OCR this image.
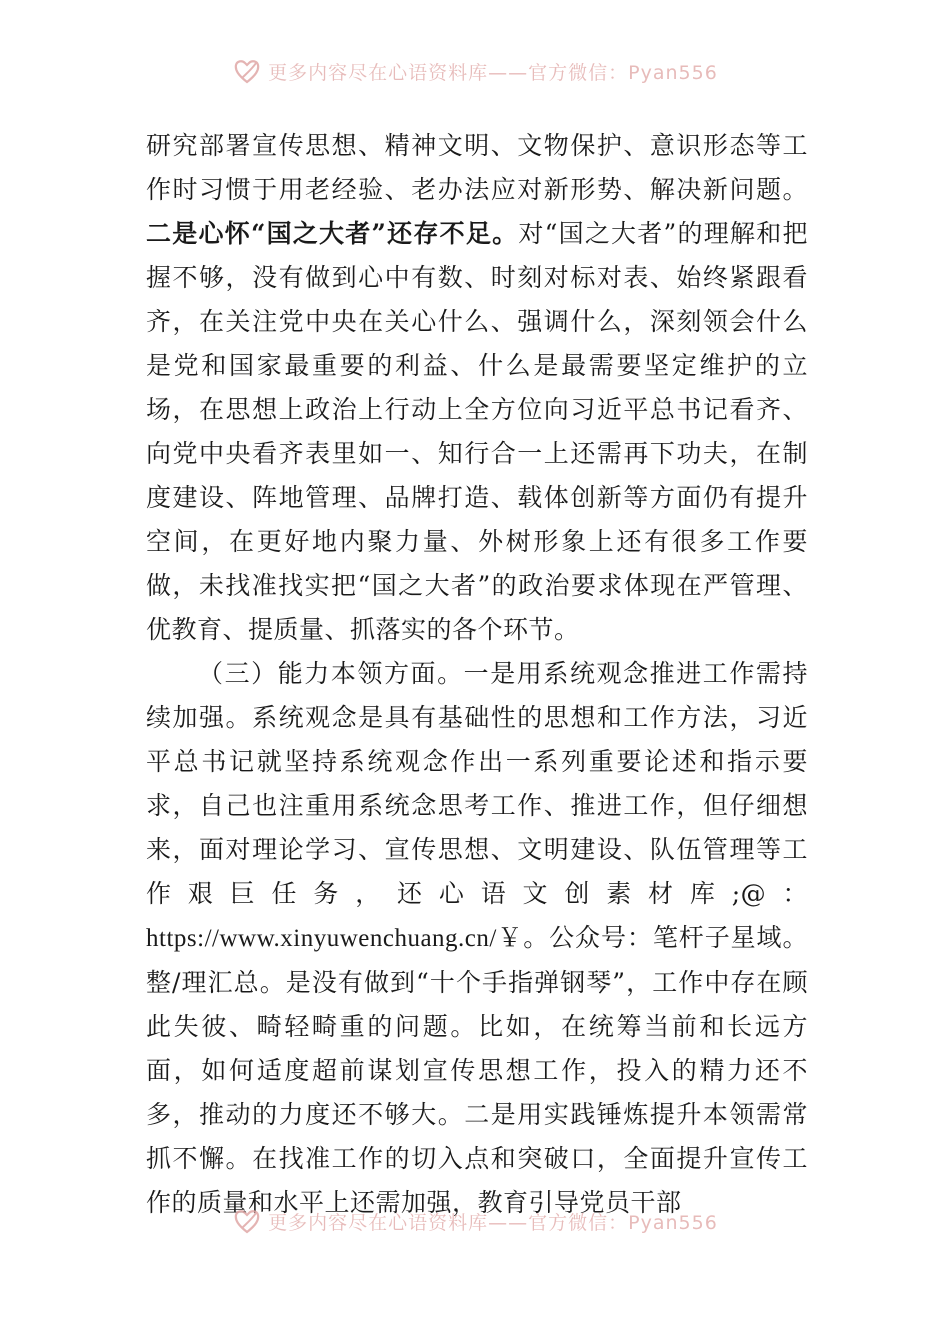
更多内容尽在心语资料库——官方微信：Pyan556

研究部署宣传思想、精神文明、文物保护、意识形态等工作时习惯于用老经验、老办法应对新形势、解决新问题。二是心怀“国之大者”还存不足。对“国之大者”的理解和把握不够，没有做到心中有数、时刻对标对表、始终紧跟看齐，在关注党中央在关心什么、强调什么，深刻领会什么是党和国家最重要的利益、什么是最需要坚定维护的立场，在思想上政治上行动上全方位向习近平总书记看齐、向党中央看齐表里如一、知行合一上还需再下功夫，在制度建设、阵地管理、品牌打造、载体创新等方面仍有提升空间，在更好地内聚力量、外树形象上还有很多工作要做，未找准找实把“国之大者”的政治要求体现在严管理、优教育、提质量、抓落实的各个环节。

（三）能力本领方面。一是用系统观念推进工作需持续加强。系统观念是具有基础性的思想和工作方法，习近平总书记就坚持系统观念作出一系列重要论述和指示要求，自己也注重用系统念思考工作、推进工作，但仔细想来，面对理论学习、宣传思想、文明建设、队伍管理等工作艰巨任务，还心语文创素材库;@：https://www.xinyuwenchuang.cn/￥。公众号：笔杆子星域。整/理汇总。是没有做到“十个手指弹钢琴”，工作中存在顾此失彼、畸轻畸重的问题。比如，在统筹当前和长远方面，如何适度超前谋划宣传思想工作，投入的精力还不多，推动的力度还不够大。二是用实践锤炼提升本领需常抓不懈。在找准工作的切入点和突破口，全面提升宣传工作的质量和水平上还需加强，教育引导党员干部

更多内容尽在心语资料库——官方微信：Pyan556
